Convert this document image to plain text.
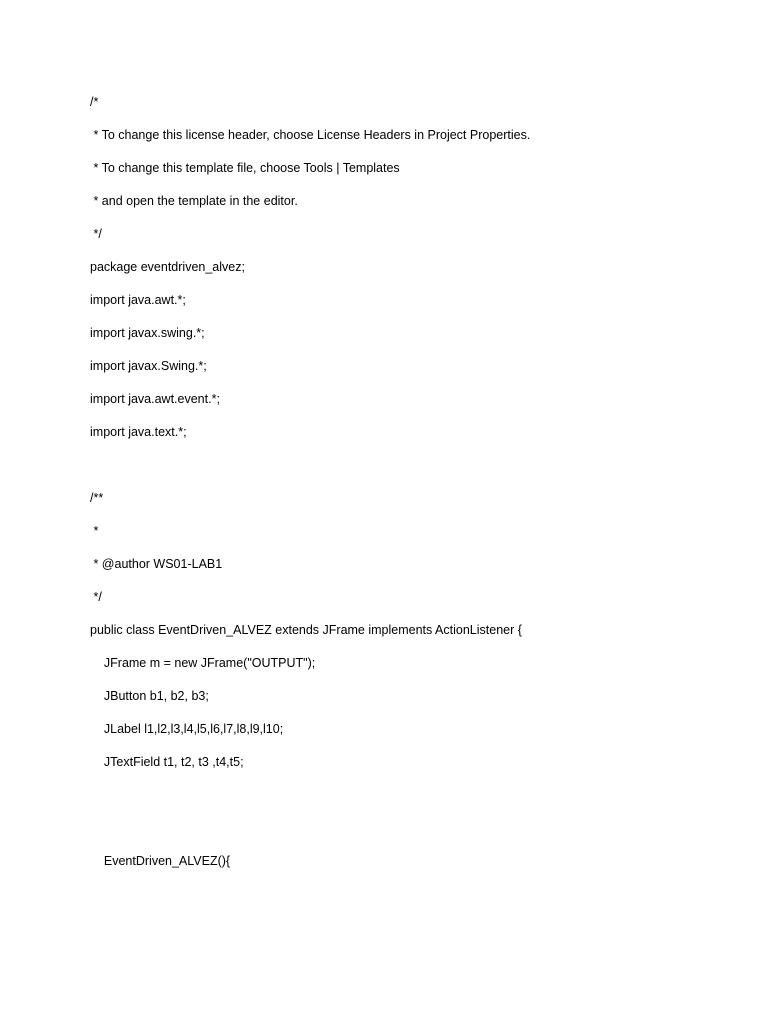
/*

* To change this license header, choose License Headers in Project Properties.

* To change this template file, choose Tools | Templates

* and open the template in the editor.

*/

package eventdriven_alvez;

import java.awt.*;

import javax.swing.*;

import javax.Swing.*;

import java.awt.event.*;

import java.text.*;

/**

*

* @author WS01-LAB1

*/

public class EventDriven_ALVEZ extends JFrame implements ActionListener {

JFrame m = new JFrame("OUTPUT");

JButton b1, b2, b3;

JLabel l1,l2,l3,l4,l5,l6,l7,l8,l9,l10;

JTextField t1, t2, t3 ,t4,t5;

EventDriven_ALVEZ(){
